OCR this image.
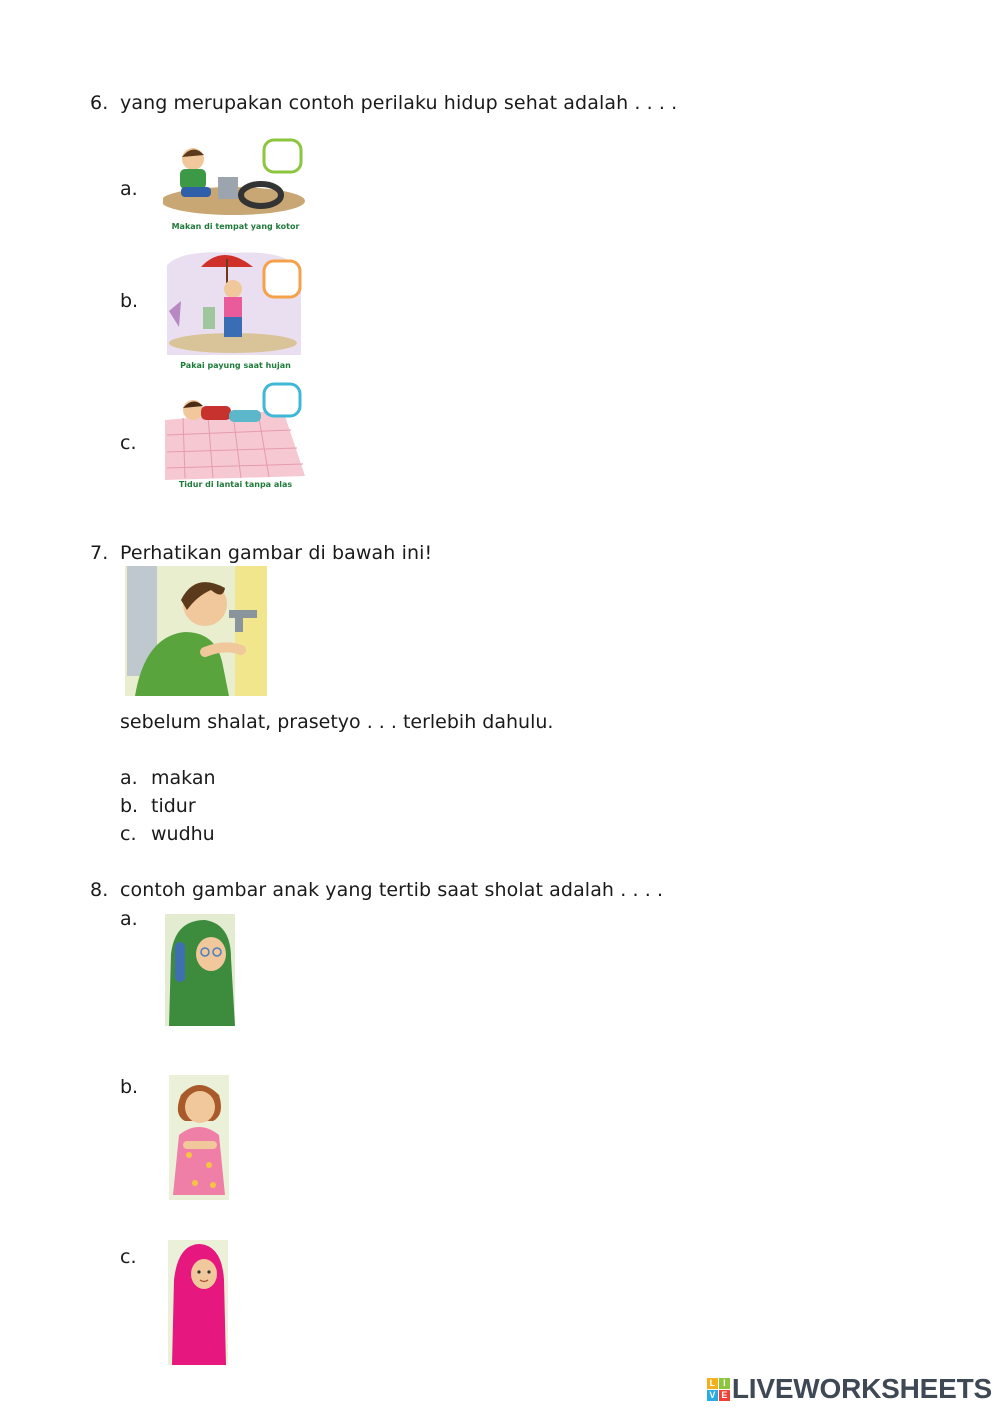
6. yang merupakan contoh perilaku hidup sehat adalah . . . .
a.
Makan di tempat yang kotor
b.
Pakai payung saat hujan
c.
Tidur di lantai tanpa alas
7. Perhatikan gambar di bawah ini!
sebelum shalat, prasetyo . . . terlebih dahulu.
a. makan
b. tidur
c. wudhu
8. contoh gambar anak yang tertib saat sholat adalah . . . .
a.
b.
c.
L I
V E LIVEWORKSHEETS
